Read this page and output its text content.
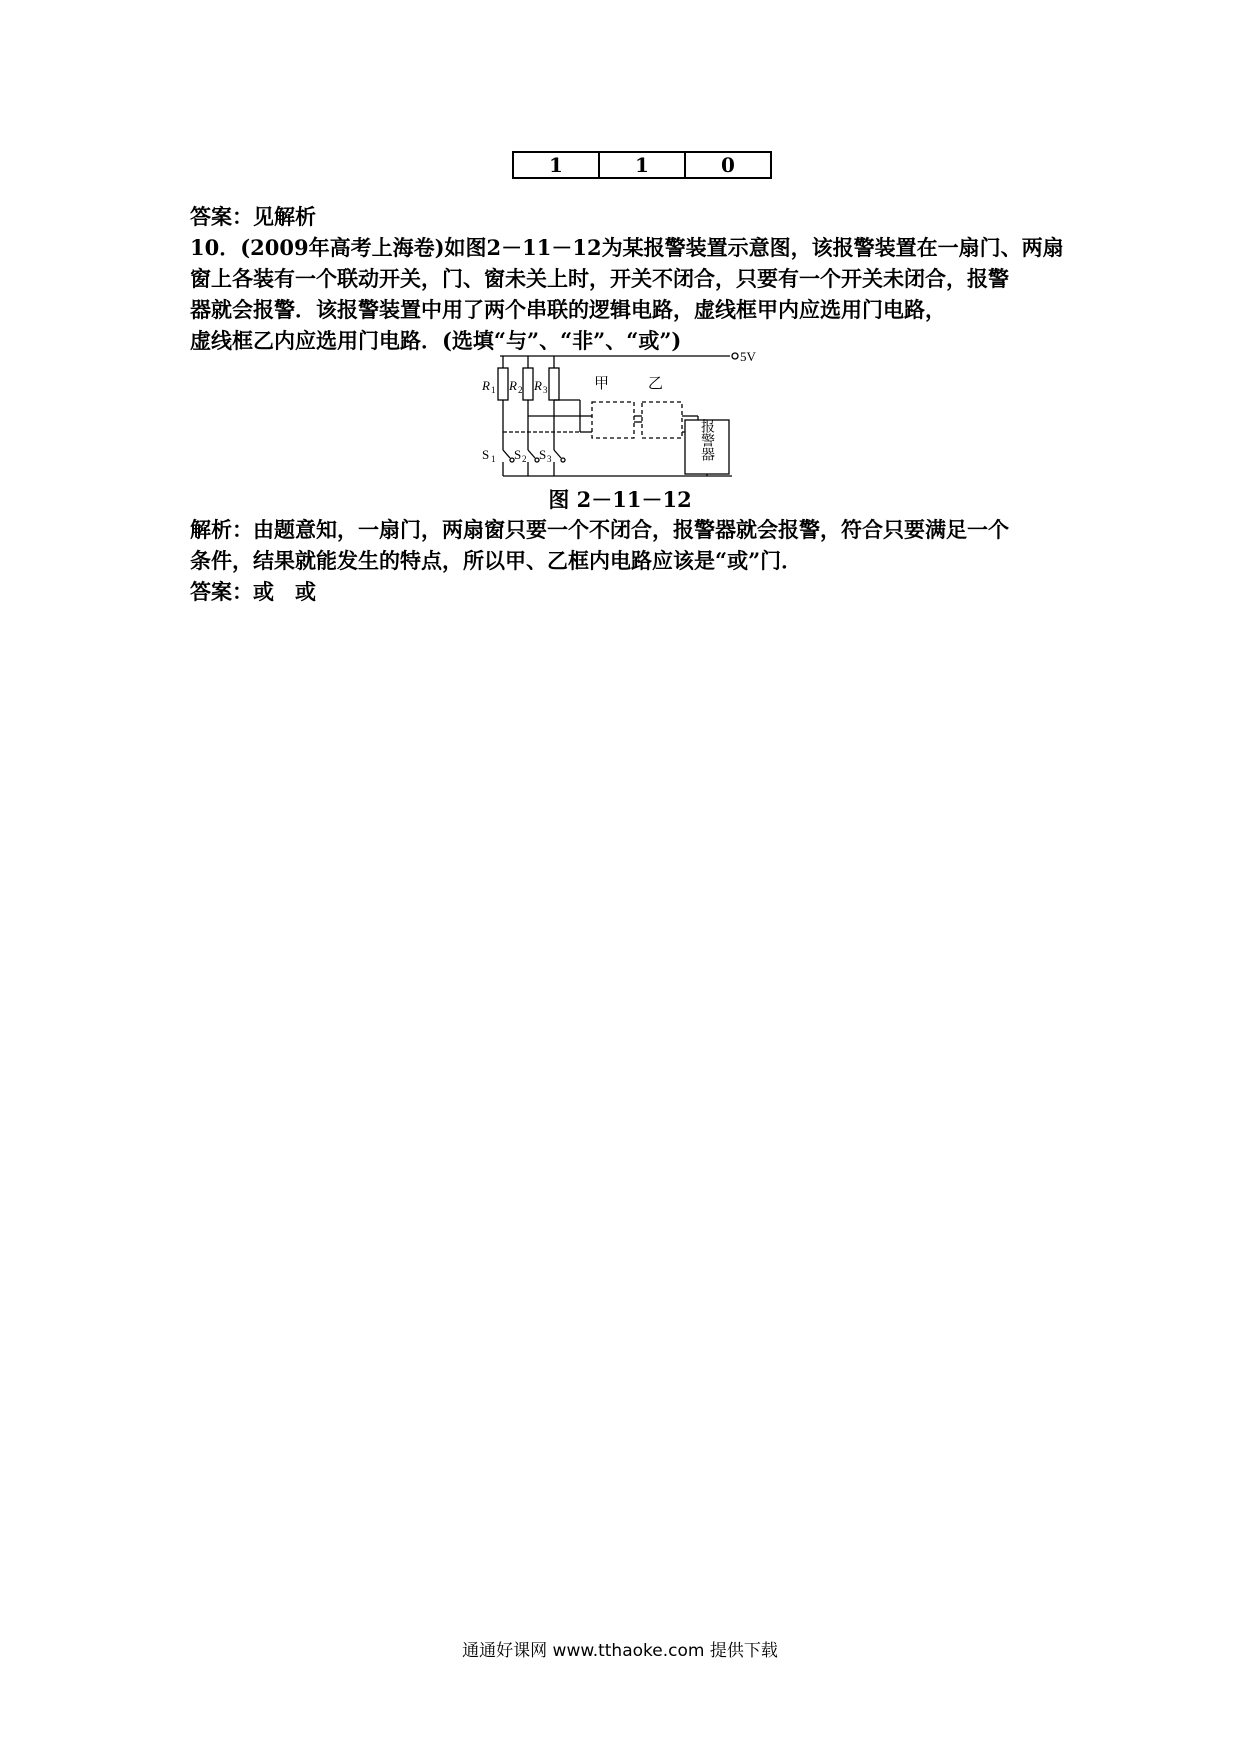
1	1	0
答案：见解析
10．(2009年高考上海卷)如图2－11－12为某报警装置示意图，该报警装置在一扇门、两扇
窗上各装有一个联动开关，门、窗未关上时，开关不闭合，只要有一个开关未闭合，报警
器就会报警．该报警装置中用了两个串联的逻辑电路，虚线框甲内应选用门电路，
虚线框乙内应选用门电路．(选填“与”、“非”、“或”)
5V
R 1 R 2 R 3
S 1 S 2 S 3
甲	乙
报警器
图 2－11－12
解析：由题意知，一扇门，两扇窗只要一个不闭合，报警器就会报警，符合只要满足一个
条件，结果就能发生的特点，所以甲、乙框内电路应该是“或”门．
答案：或　或
通通好课网 www.tthaoke.com 提供下载
